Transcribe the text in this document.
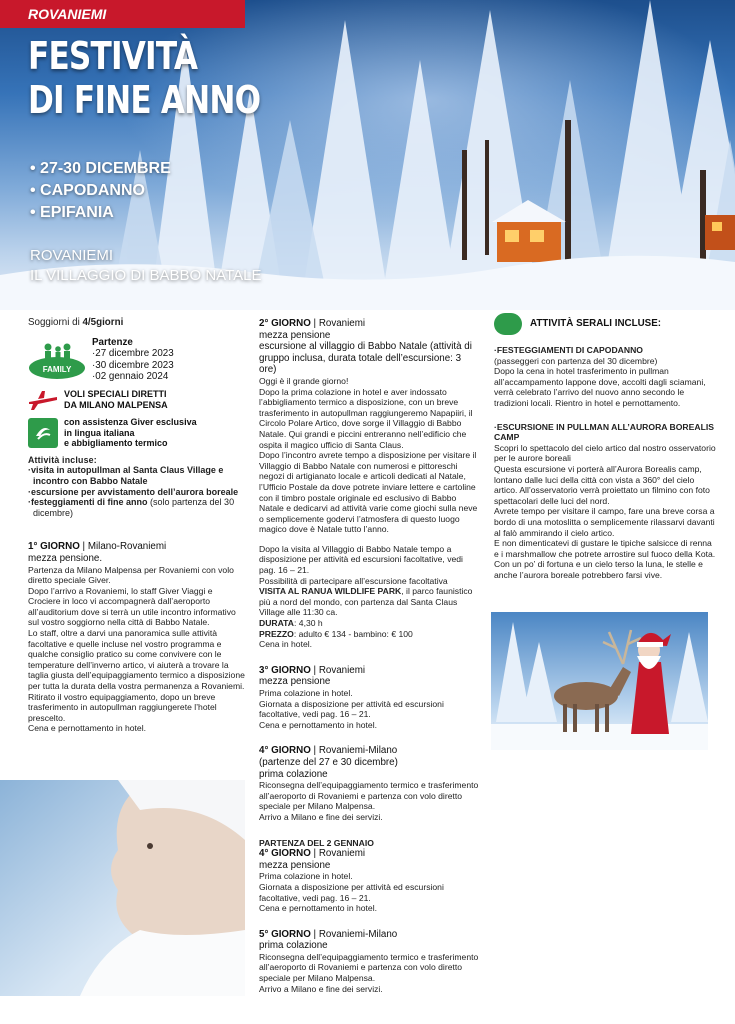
ROVANIEMI
FESTIVITÀ
DI FINE ANNO
• 27-30 DICEMBRE
• CAPODANNO
• EPIFANIA
ROVANIEMI
IL VILLAGGIO DI BABBO NATALE
Soggiorni di 4/5giorni
FAMILY
Partenze
· 27 dicembre 2023
· 30 dicembre 2023
· 02 gennaio 2024
VOLI SPECIALI DIRETTI
DA MILANO MALPENSA
con assistenza Giver esclusiva
in lingua italiana
e abbigliamento termico
Attività incluse:
· visita in autopullman al Santa Claus Village e incontro con Babbo Natale
· escursione per avvistamento dell’aurora boreale
· festeggiamenti di fine anno (solo partenza del 30 dicembre)
1° GIORNO | Milano-Rovaniemi
mezza pensione.
Partenza da Milano Malpensa per Rovaniemi con volo diretto speciale Giver.
Dopo l’arrivo a Rovaniemi, lo staff Giver Viaggi e Crociere in loco vi accompagnerà dall’aeroporto all’auditorium dove si terrà un utile incontro informativo sul vostro soggiorno nella città di Babbo Natale.
Lo staff, oltre a darvi una panoramica sulle attività facoltative e quelle incluse nel vostro programma e qualche consiglio pratico su come convivere con le temperature dell’inverno artico, vi aiuterà a trovare la taglia giusta dell’equipaggiamento termico a disposizione per tutta la durata della vostra permanenza a Rovaniemi. Ritirato il vostro equipaggiamento, dopo un breve trasferimento in autopullman raggiungerete l’hotel prescelto.
Cena e pernottamento in hotel.
2° GIORNO | Rovaniemi
mezza pensione
escursione al villaggio di Babbo Natale (attività di gruppo inclusa, durata totale dell’escursione: 3 ore)
Oggi è il grande giorno!
Dopo la prima colazione in hotel e aver indossato l’abbigliamento termico a disposizione, con un breve trasferimento in autopullman raggiungeremo Napapiiri, il Circolo Polare Artico, dove sorge il Villaggio di Babbo Natale. Qui grandi e piccini entreranno nell’edificio che ospita il magico ufficio di Santa Claus.
Dopo l’incontro avrete tempo a disposizione per visitare il Villaggio di Babbo Natale con numerosi e pittoreschi negozi di artigianato locale e articoli dedicati al Natale, l’Ufficio Postale da dove potrete inviare lettere e cartoline con il timbro postale originale ed esclusivo di Babbo Natale e dedicarvi ad attività varie come giochi sulla neve o semplicemente godervi l’atmosfera di questo luogo magico dove è Natale tutto l’anno.
Dopo la visita al Villaggio di Babbo Natale tempo a disposizione per attività ed escursioni facoltative, vedi pag. 16 – 21.
Possibilità di partecipare all’escursione facoltativa
VISITA AL RANUA WILDLIFE PARK, il parco faunistico più a nord del mondo, con partenza dal Santa Claus Village alle 11:30 ca.
DURATA: 4,30 h
PREZZO: adulto € 134 - bambino: € 100
Cena in hotel.
3° GIORNO | Rovaniemi
mezza pensione
Prima colazione in hotel.
Giornata a disposizione per attività ed escursioni facoltative, vedi pag. 16 – 21.
Cena e pernottamento in hotel.
4° GIORNO | Rovaniemi-Milano
(partenze del 27 e 30 dicembre)
prima colazione
Riconsegna dell’equipaggiamento termico e trasferimento all’aeroporto di Rovaniemi e partenza con volo diretto speciale per Milano Malpensa.
Arrivo a Milano e fine dei servizi.
PARTENZA DEL 2 GENNAIO
4° GIORNO | Rovaniemi
mezza pensione
Prima colazione in hotel.
Giornata a disposizione per attività ed escursioni facoltative, vedi pag. 16 – 21.
Cena e pernottamento in hotel.
5° GIORNO | Rovaniemi-Milano
prima colazione
Riconsegna dell’equipaggiamento termico e trasferimento all’aeroporto di Rovaniemi e partenza con volo diretto speciale per Milano Malpensa.
Arrivo a Milano e fine dei servizi.
ATTIVITÀ SERALI INCLUSE:
· FESTEGGIAMENTI DI CAPODANNO
(passeggeri con partenza del 30 dicembre)
Dopo la cena in hotel trasferimento in pullman all’accampamento lappone dove, accolti dagli sciamani, verrà celebrato l’arrivo del nuovo anno secondo le tradizioni locali. Rientro in hotel e pernottamento.
· ESCURSIONE IN PULLMAN ALL’AURORA BOREALIS CAMP
Scopri lo spettacolo del cielo artico dal nostro osservatorio per le aurore boreali
Questa escursione vi porterà all’Aurora Borealis camp, lontano dalle luci della città con vista a 360° del cielo artico. All’osservatorio verrà proiettato un filmino con foto spettacolari delle luci del nord.
Avrete tempo per visitare il campo, fare una breve corsa a bordo di una motoslitta o semplicemente rilassarvi davanti al falò ammirando il cielo artico.
E non dimenticatevi di gustare le tipiche salsicce di renna e i marshmallow che potrete arrostire sul fuoco della Kota. Con un po’ di fortuna e un cielo terso la luna, le stelle e anche l’aurora boreale potrebbero farsi vive.
